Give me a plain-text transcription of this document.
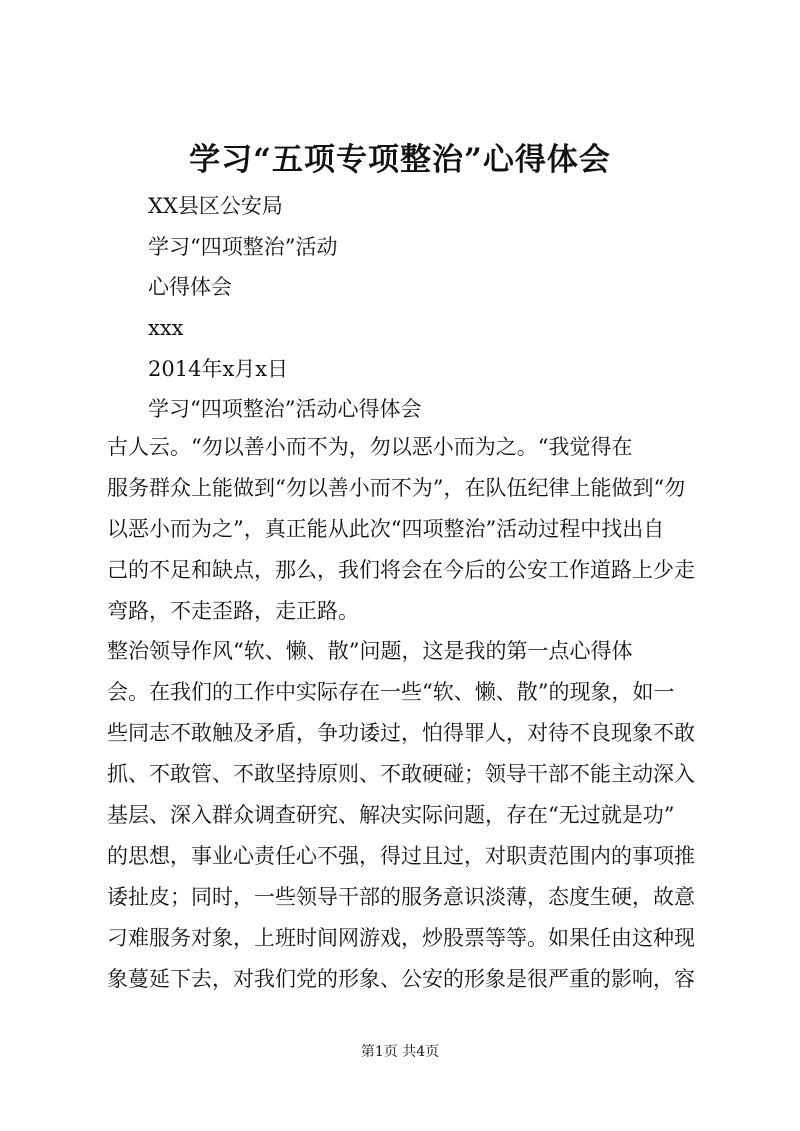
学习“五项专项整治”心得体会
XX县区公安局
学习“四项整治”活动
心得体会
xxx
2014年x月x日
学习“四项整治”活动心得体会
古人云。“勿以善小而不为，勿以恶小而为之。“我觉得在
服务群众上能做到“勿以善小而不为”，在队伍纪律上能做到“勿
以恶小而为之”，真正能从此次“四项整治”活动过程中找出自
己的不足和缺点，那么，我们将会在今后的公安工作道路上少走
弯路，不走歪路，走正路。
整治领导作风“软、懒、散”问题，这是我的第一点心得体
会。在我们的工作中实际存在一些“软、懒、散”的现象，如一
些同志不敢触及矛盾，争功诿过，怕得罪人，对待不良现象不敢
抓、不敢管、不敢坚持原则、不敢硬碰；领导干部不能主动深入
基层、深入群众调查研究、解决实际问题，存在“无过就是功”
的思想，事业心责任心不强，得过且过，对职责范围内的事项推
诿扯皮；同时，一些领导干部的服务意识淡薄，态度生硬，故意
刁难服务对象，上班时间网游戏，炒股票等等。如果任由这种现
象蔓延下去，对我们党的形象、公安的形象是很严重的影响，容
第1页 共4页
